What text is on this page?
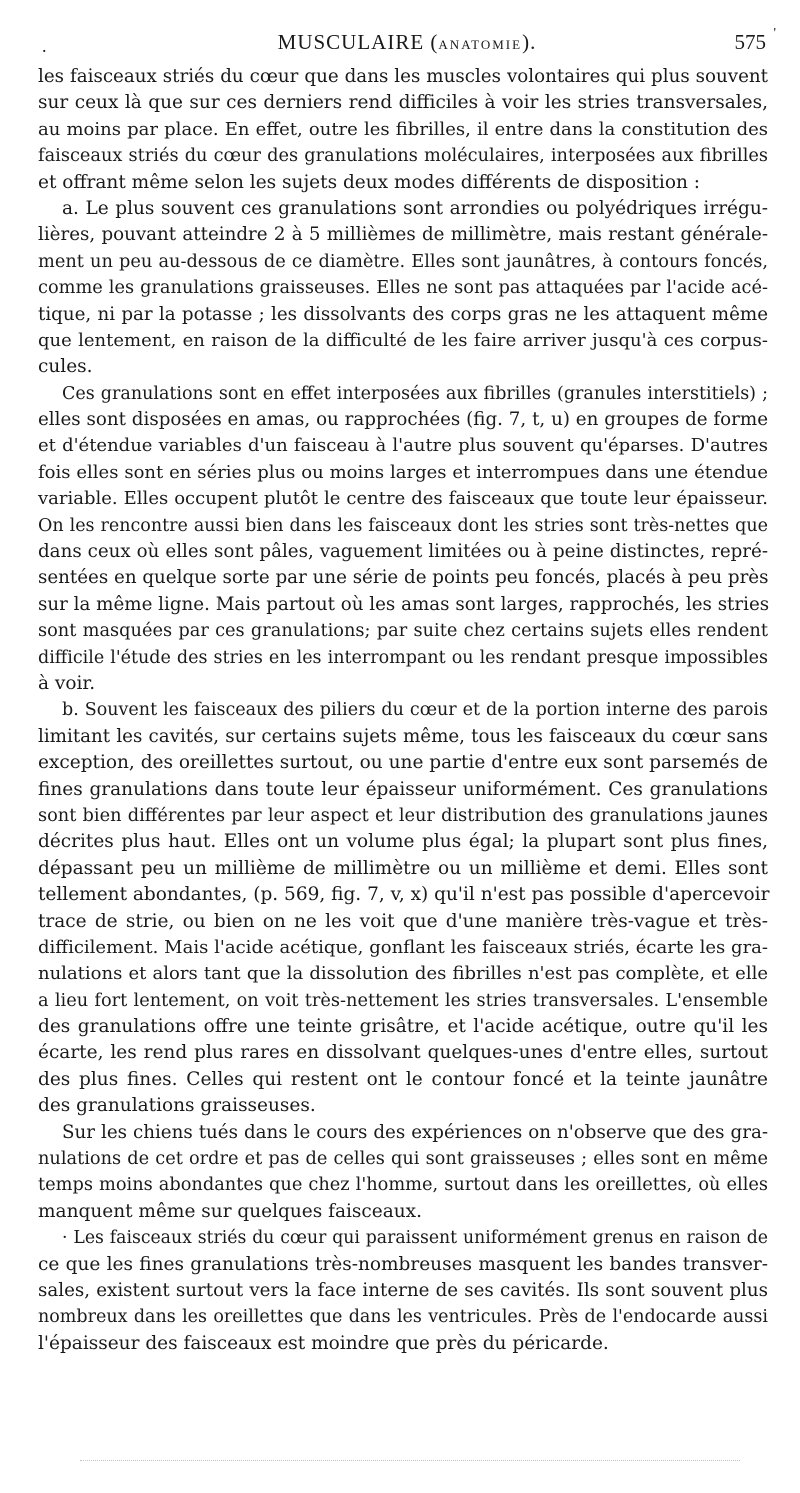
.	MUSCULAIRE (ANATOMIE).	575 '
les faisceaux striés du cœur que dans les muscles volontaires qui plus souvent
sur ceux là que sur ces derniers rend difficiles à voir les stries transversales,
au moins par place. En effet, outre les fibrilles, il entre dans la constitution des
faisceaux striés du cœur des granulations moléculaires, interposées aux fibrilles
et offrant même selon les sujets deux modes différents de disposition :
a. Le plus souvent ces granulations sont arrondies ou polyédriques irrégu-
lières, pouvant atteindre 2 à 5 millièmes de millimètre, mais restant générale-
ment un peu au-dessous de ce diamètre. Elles sont jaunâtres, à contours foncés,
comme les granulations graisseuses. Elles ne sont pas attaquées par l'acide acé-
tique, ni par la potasse ; les dissolvants des corps gras ne les attaquent même
que lentement, en raison de la difficulté de les faire arriver jusqu'à ces corpus-
cules.
Ces granulations sont en effet interposées aux fibrilles (granules interstitiels) ;
elles sont disposées en amas, ou rapprochées (fig. 7, t, u) en groupes de forme
et d'étendue variables d'un faisceau à l'autre plus souvent qu'éparses. D'autres
fois elles sont en séries plus ou moins larges et interrompues dans une étendue
variable. Elles occupent plutôt le centre des faisceaux que toute leur épaisseur.
On les rencontre aussi bien dans les faisceaux dont les stries sont très-nettes que
dans ceux où elles sont pâles, vaguement limitées ou à peine distinctes, repré-
sentées en quelque sorte par une série de points peu foncés, placés à peu près
sur la même ligne. Mais partout où les amas sont larges, rapprochés, les stries
sont masquées par ces granulations; par suite chez certains sujets elles rendent
difficile l'étude des stries en les interrompant ou les rendant presque impossibles
à voir.
b. Souvent les faisceaux des piliers du cœur et de la portion interne des parois
limitant les cavités, sur certains sujets même, tous les faisceaux du cœur sans
exception, des oreillettes surtout, ou une partie d'entre eux sont parsemés de
fines granulations dans toute leur épaisseur uniformément. Ces granulations
sont bien différentes par leur aspect et leur distribution des granulations jaunes
décrites plus haut. Elles ont un volume plus égal; la plupart sont plus fines,
dépassant peu un millième de millimètre ou un millième et demi. Elles sont
tellement abondantes, (p. 569, fig. 7, v, x) qu'il n'est pas possible d'apercevoir
trace de strie, ou bien on ne les voit que d'une manière très-vague et très-
difficilement. Mais l'acide acétique, gonflant les faisceaux striés, écarte les gra-
nulations et alors tant que la dissolution des fibrilles n'est pas complète, et elle
a lieu fort lentement, on voit très-nettement les stries transversales. L'ensemble
des granulations offre une teinte grisâtre, et l'acide acétique, outre qu'il les
écarte, les rend plus rares en dissolvant quelques-unes d'entre elles, surtout
des plus fines. Celles qui restent ont le contour foncé et la teinte jaunâtre
des granulations graisseuses.
Sur les chiens tués dans le cours des expériences on n'observe que des gra-
nulations de cet ordre et pas de celles qui sont graisseuses ; elles sont en même
temps moins abondantes que chez l'homme, surtout dans les oreillettes, où elles
manquent même sur quelques faisceaux.
· Les faisceaux striés du cœur qui paraissent uniformément grenus en raison de
ce que les fines granulations très-nombreuses masquent les bandes transver-
sales, existent surtout vers la face interne de ses cavités. Ils sont souvent plus
nombreux dans les oreillettes que dans les ventricules. Près de l'endocarde aussi
l'épaisseur des faisceaux est moindre que près du péricarde.
